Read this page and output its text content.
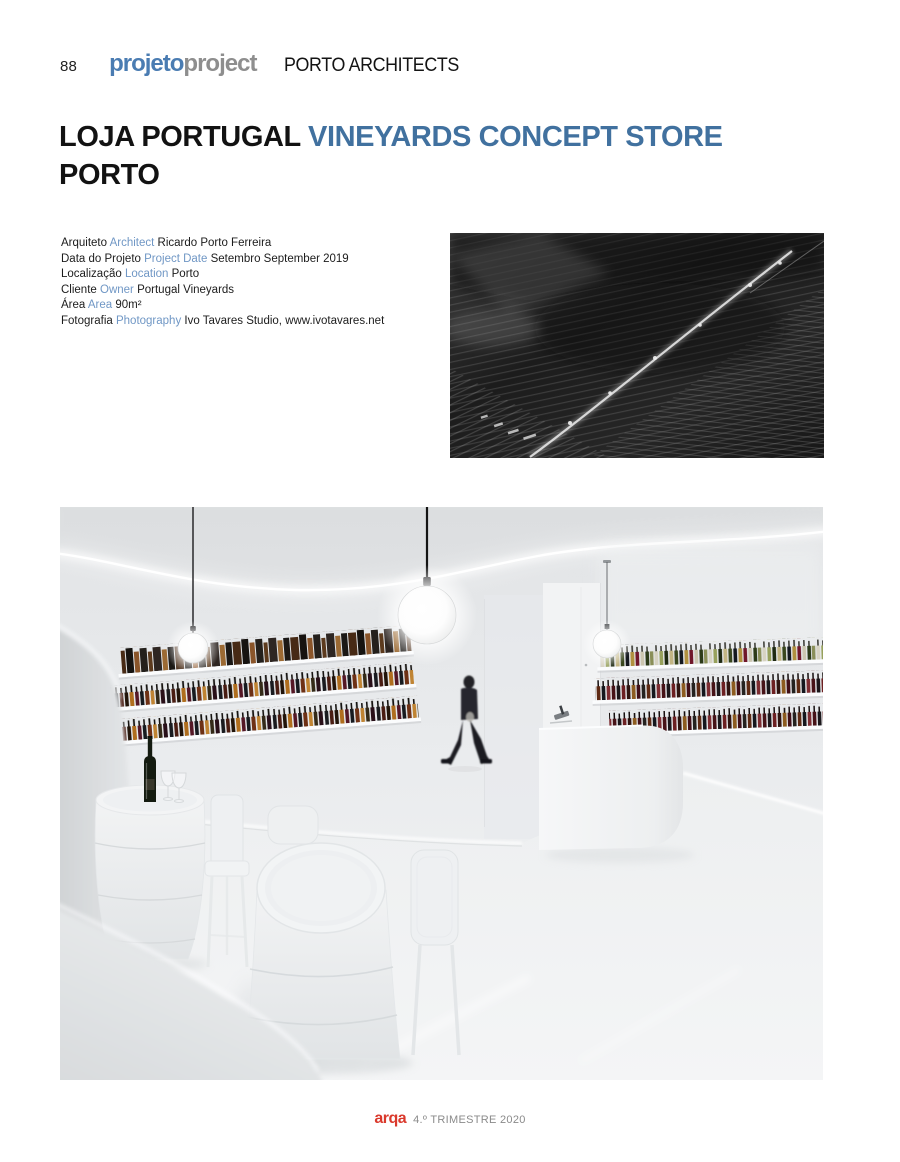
88 projetoproject PORTO ARCHITECTS
LOJA PORTUGAL VINEYARDS CONCEPT STORE
PORTO
Arquiteto Architect Ricardo Porto Ferreira
Data do Projeto Project Date Setembro September 2019
Localização Location Porto
Cliente Owner Portugal Vineyards
Área Area 90m²
Fotografia Photography Ivo Tavares Studio, www.ivotavares.net
arqa 4.º TRIMESTRE 2020
